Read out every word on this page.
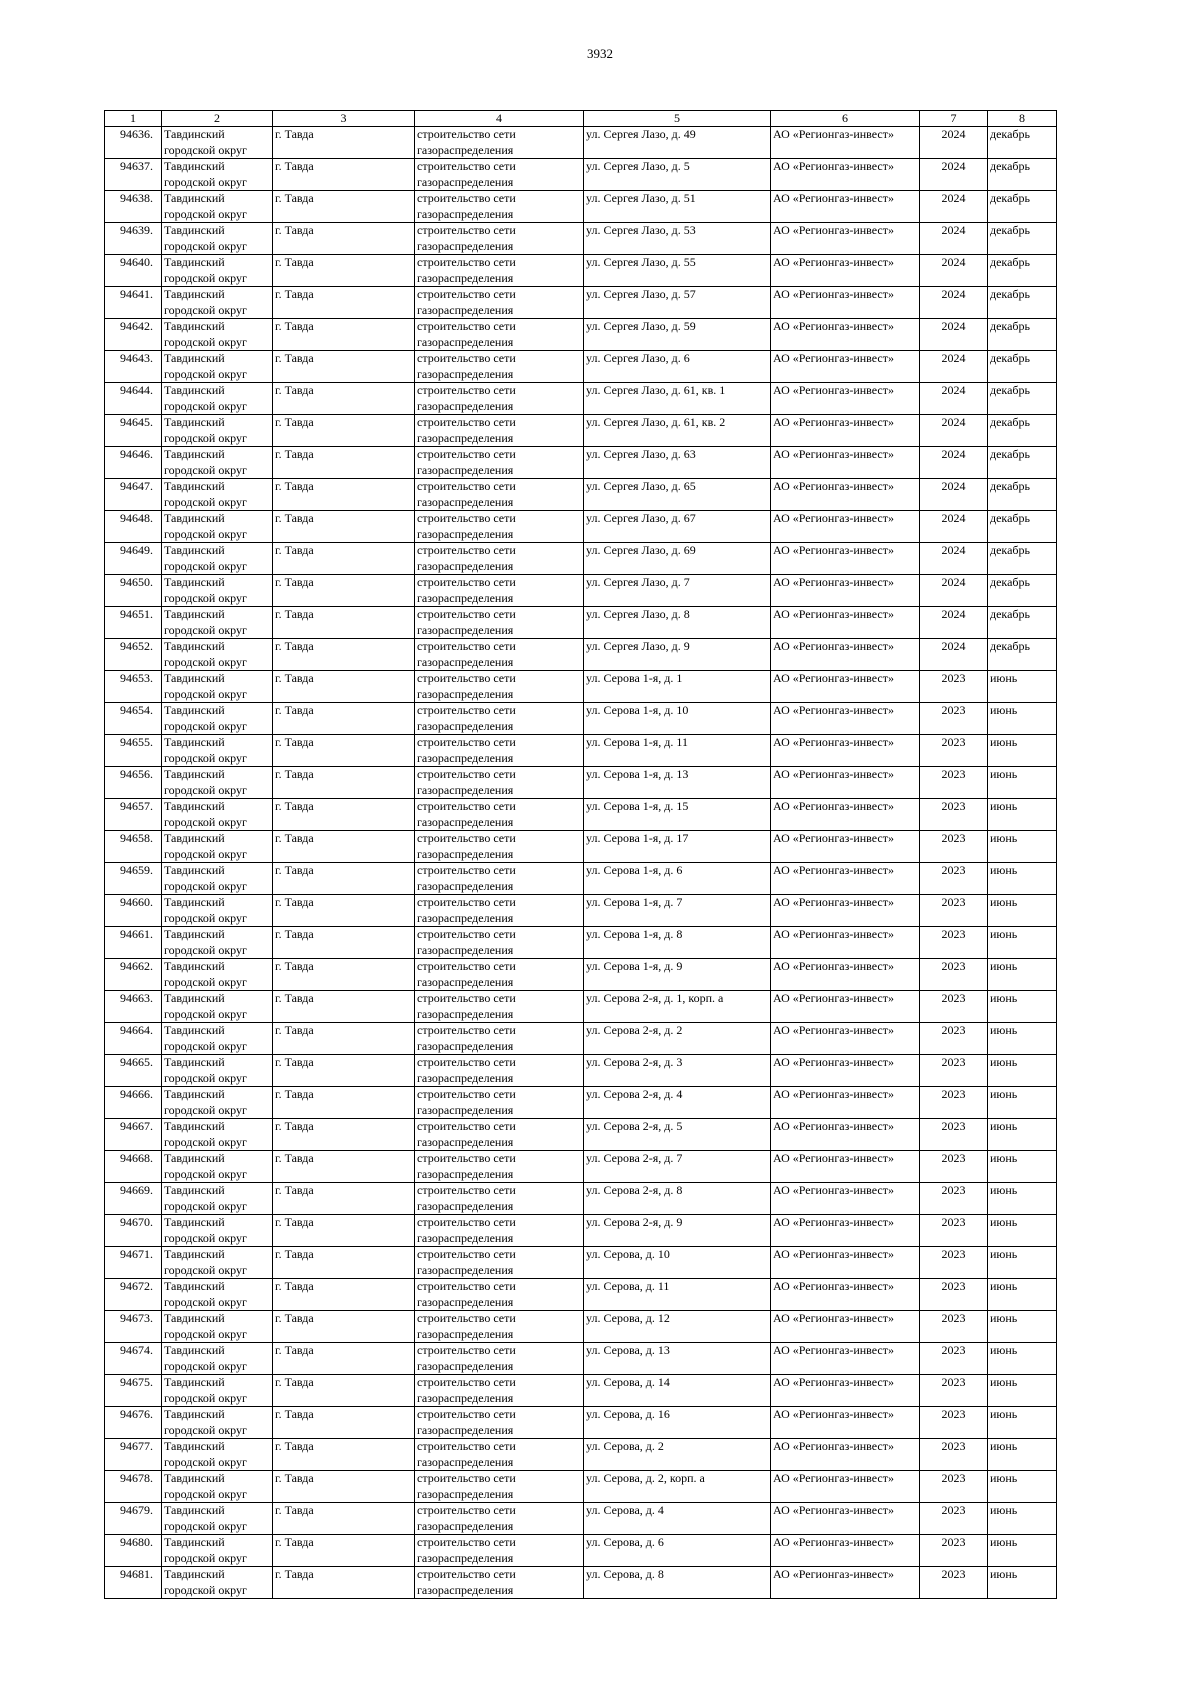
3932
1	2	3	4	5	6	7	8
94636.	Тавдинский городской округ	г. Тавда	строительство сети газораспределения	ул. Сергея Лазо, д. 49	АО «Регионгаз-инвест»	2024	декабрь
94637.	Тавдинский городской округ	г. Тавда	строительство сети газораспределения	ул. Сергея Лазо, д. 5	АО «Регионгаз-инвест»	2024	декабрь
94638.	Тавдинский городской округ	г. Тавда	строительство сети газораспределения	ул. Сергея Лазо, д. 51	АО «Регионгаз-инвест»	2024	декабрь
94639.	Тавдинский городской округ	г. Тавда	строительство сети газораспределения	ул. Сергея Лазо, д. 53	АО «Регионгаз-инвест»	2024	декабрь
94640.	Тавдинский городской округ	г. Тавда	строительство сети газораспределения	ул. Сергея Лазо, д. 55	АО «Регионгаз-инвест»	2024	декабрь
94641.	Тавдинский городской округ	г. Тавда	строительство сети газораспределения	ул. Сергея Лазо, д. 57	АО «Регионгаз-инвест»	2024	декабрь
94642.	Тавдинский городской округ	г. Тавда	строительство сети газораспределения	ул. Сергея Лазо, д. 59	АО «Регионгаз-инвест»	2024	декабрь
94643.	Тавдинский городской округ	г. Тавда	строительство сети газораспределения	ул. Сергея Лазо, д. 6	АО «Регионгаз-инвест»	2024	декабрь
94644.	Тавдинский городской округ	г. Тавда	строительство сети газораспределения	ул. Сергея Лазо, д. 61, кв. 1	АО «Регионгаз-инвест»	2024	декабрь
94645.	Тавдинский городской округ	г. Тавда	строительство сети газораспределения	ул. Сергея Лазо, д. 61, кв. 2	АО «Регионгаз-инвест»	2024	декабрь
94646.	Тавдинский городской округ	г. Тавда	строительство сети газораспределения	ул. Сергея Лазо, д. 63	АО «Регионгаз-инвест»	2024	декабрь
94647.	Тавдинский городской округ	г. Тавда	строительство сети газораспределения	ул. Сергея Лазо, д. 65	АО «Регионгаз-инвест»	2024	декабрь
94648.	Тавдинский городской округ	г. Тавда	строительство сети газораспределения	ул. Сергея Лазо, д. 67	АО «Регионгаз-инвест»	2024	декабрь
94649.	Тавдинский городской округ	г. Тавда	строительство сети газораспределения	ул. Сергея Лазо, д. 69	АО «Регионгаз-инвест»	2024	декабрь
94650.	Тавдинский городской округ	г. Тавда	строительство сети газораспределения	ул. Сергея Лазо, д. 7	АО «Регионгаз-инвест»	2024	декабрь
94651.	Тавдинский городской округ	г. Тавда	строительство сети газораспределения	ул. Сергея Лазо, д. 8	АО «Регионгаз-инвест»	2024	декабрь
94652.	Тавдинский городской округ	г. Тавда	строительство сети газораспределения	ул. Сергея Лазо, д. 9	АО «Регионгаз-инвест»	2024	декабрь
94653.	Тавдинский городской округ	г. Тавда	строительство сети газораспределения	ул. Серова 1-я, д. 1	АО «Регионгаз-инвест»	2023	июнь
94654.	Тавдинский городской округ	г. Тавда	строительство сети газораспределения	ул. Серова 1-я, д. 10	АО «Регионгаз-инвест»	2023	июнь
94655.	Тавдинский городской округ	г. Тавда	строительство сети газораспределения	ул. Серова 1-я, д. 11	АО «Регионгаз-инвест»	2023	июнь
94656.	Тавдинский городской округ	г. Тавда	строительство сети газораспределения	ул. Серова 1-я, д. 13	АО «Регионгаз-инвест»	2023	июнь
94657.	Тавдинский городской округ	г. Тавда	строительство сети газораспределения	ул. Серова 1-я, д. 15	АО «Регионгаз-инвест»	2023	июнь
94658.	Тавдинский городской округ	г. Тавда	строительство сети газораспределения	ул. Серова 1-я, д. 17	АО «Регионгаз-инвест»	2023	июнь
94659.	Тавдинский городской округ	г. Тавда	строительство сети газораспределения	ул. Серова 1-я, д. 6	АО «Регионгаз-инвест»	2023	июнь
94660.	Тавдинский городской округ	г. Тавда	строительство сети газораспределения	ул. Серова 1-я, д. 7	АО «Регионгаз-инвест»	2023	июнь
94661.	Тавдинский городской округ	г. Тавда	строительство сети газораспределения	ул. Серова 1-я, д. 8	АО «Регионгаз-инвест»	2023	июнь
94662.	Тавдинский городской округ	г. Тавда	строительство сети газораспределения	ул. Серова 1-я, д. 9	АО «Регионгаз-инвест»	2023	июнь
94663.	Тавдинский городской округ	г. Тавда	строительство сети газораспределения	ул. Серова 2-я, д. 1, корп. а	АО «Регионгаз-инвест»	2023	июнь
94664.	Тавдинский городской округ	г. Тавда	строительство сети газораспределения	ул. Серова 2-я, д. 2	АО «Регионгаз-инвест»	2023	июнь
94665.	Тавдинский городской округ	г. Тавда	строительство сети газораспределения	ул. Серова 2-я, д. 3	АО «Регионгаз-инвест»	2023	июнь
94666.	Тавдинский городской округ	г. Тавда	строительство сети газораспределения	ул. Серова 2-я, д. 4	АО «Регионгаз-инвест»	2023	июнь
94667.	Тавдинский городской округ	г. Тавда	строительство сети газораспределения	ул. Серова 2-я, д. 5	АО «Регионгаз-инвест»	2023	июнь
94668.	Тавдинский городской округ	г. Тавда	строительство сети газораспределения	ул. Серова 2-я, д. 7	АО «Регионгаз-инвест»	2023	июнь
94669.	Тавдинский городской округ	г. Тавда	строительство сети газораспределения	ул. Серова 2-я, д. 8	АО «Регионгаз-инвест»	2023	июнь
94670.	Тавдинский городской округ	г. Тавда	строительство сети газораспределения	ул. Серова 2-я, д. 9	АО «Регионгаз-инвест»	2023	июнь
94671.	Тавдинский городской округ	г. Тавда	строительство сети газораспределения	ул. Серова, д. 10	АО «Регионгаз-инвест»	2023	июнь
94672.	Тавдинский городской округ	г. Тавда	строительство сети газораспределения	ул. Серова, д. 11	АО «Регионгаз-инвест»	2023	июнь
94673.	Тавдинский городской округ	г. Тавда	строительство сети газораспределения	ул. Серова, д. 12	АО «Регионгаз-инвест»	2023	июнь
94674.	Тавдинский городской округ	г. Тавда	строительство сети газораспределения	ул. Серова, д. 13	АО «Регионгаз-инвест»	2023	июнь
94675.	Тавдинский городской округ	г. Тавда	строительство сети газораспределения	ул. Серова, д. 14	АО «Регионгаз-инвест»	2023	июнь
94676.	Тавдинский городской округ	г. Тавда	строительство сети газораспределения	ул. Серова, д. 16	АО «Регионгаз-инвест»	2023	июнь
94677.	Тавдинский городской округ	г. Тавда	строительство сети газораспределения	ул. Серова, д. 2	АО «Регионгаз-инвест»	2023	июнь
94678.	Тавдинский городской округ	г. Тавда	строительство сети газораспределения	ул. Серова, д. 2, корп. а	АО «Регионгаз-инвест»	2023	июнь
94679.	Тавдинский городской округ	г. Тавда	строительство сети газораспределения	ул. Серова, д. 4	АО «Регионгаз-инвест»	2023	июнь
94680.	Тавдинский городской округ	г. Тавда	строительство сети газораспределения	ул. Серова, д. 6	АО «Регионгаз-инвест»	2023	июнь
94681.	Тавдинский городской округ	г. Тавда	строительство сети газораспределения	ул. Серова, д. 8	АО «Регионгаз-инвест»	2023	июнь
